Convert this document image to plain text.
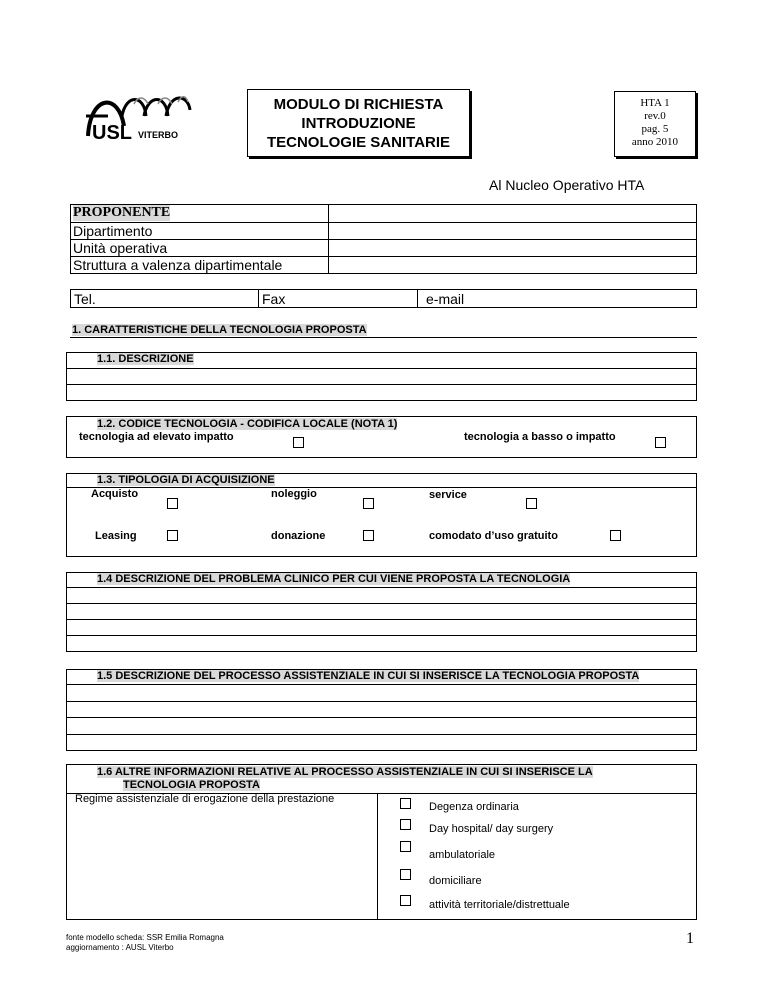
USL VITERBO
MODULO DI RICHIESTA
INTRODUZIONE
TECNOLOGIE SANITARIE
HTA 1
rev.0
pag. 5
anno 2010
Al Nucleo Operativo HTA
PROPONENTE
Dipartimento
Unità operativa
Struttura a valenza dipartimentale
Tel.	Fax	e-mail
1. CARATTERISTICHE DELLA TECNOLOGIA PROPOSTA
1.1. DESCRIZIONE
1.2. CODICE TECNOLOGIA - CODIFICA LOCALE (NOTA 1)
tecnologia ad elevato impatto	tecnologia a basso o impatto
1.3. TIPOLOGIA DI ACQUISIZIONE
Acquisto	noleggio	service
Leasing	donazione	comodato d’uso gratuito
1.4 DESCRIZIONE DEL PROBLEMA CLINICO PER CUI VIENE PROPOSTA LA TECNOLOGIA
1.5 DESCRIZIONE DEL PROCESSO ASSISTENZIALE IN CUI SI INSERISCE LA TECNOLOGIA PROPOSTA
1.6 ALTRE INFORMAZIONI RELATIVE AL PROCESSO ASSISTENZIALE IN CUI SI INSERISCE LA
TECNOLOGIA PROPOSTA
Regime assistenziale di erogazione della prestazione
Degenza ordinaria
Day hospital/ day surgery
ambulatoriale
domiciliare
attività territoriale/distrettuale
fonte modello scheda: SSR Emilia Romagna
aggiornamento : AUSL Viterbo
1
